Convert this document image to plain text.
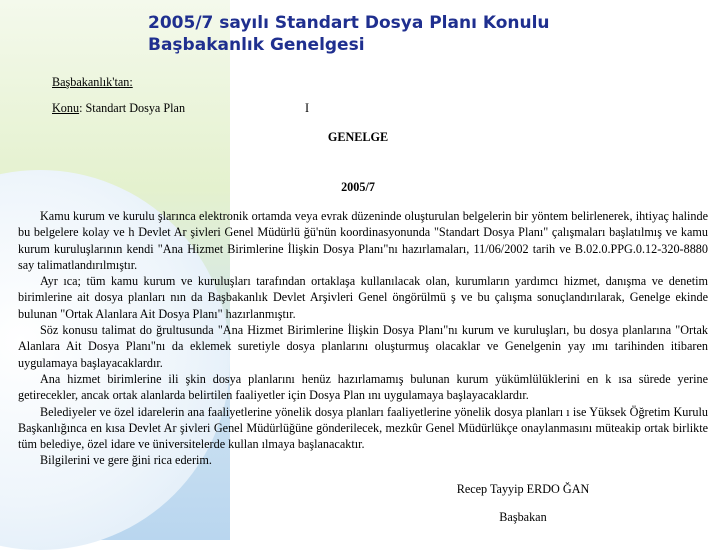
2005/7 sayılı Standart Dosya Planı Konulu
Başbakanlık Genelgesi

Başbakanlık'tan:

Konu: Standart Dosya Plan	I

GENELGE

2005/7

Kamu kurum ve kurulu şlarınca elektronik ortamda veya evrak düzeninde oluşturulan belgelerin bir yöntem belirlenerek, ihtiyaç halinde bu belgelere kolay ve h Devlet Ar şivleri Genel Müdürlü ğü'nün koordinasyonunda "Standart Dosya Planı" çalışmaları başlatılmış ve kamu kurum kuruluşlarının kendi "Ana Hizmet Birimlerine İlişkin Dosya Planı"nı hazırlamaları, 11/06/2002 tarih ve B.02.0.PPG.0.12-320-8880 say talimatlandırılmıştır.

Ayr ıca; tüm kamu kurum ve kuruluşları tarafından ortaklaşa kullanılacak olan, kurumların yardımcı hizmet, danışma ve denetim birimlerine ait dosya planları nın da Başbakanlık Devlet Arşivleri Genel öngörülmü ş ve bu çalışma sonuçlandırılarak, Genelge ekinde bulunan "Ortak Alanlara Ait Dosya Planı" hazırlanmıştır.

Söz konusu talimat do ğrultusunda "Ana Hizmet Birimlerine İlişkin Dosya Planı"nı kurum ve kuruluşları, bu dosya planlarına "Ortak Alanlara Ait Dosya Planı"nı da eklemek suretiyle dosya planlarını oluşturmuş olacaklar ve Genelgenin yay ımı tarihinden itibaren uygulamaya başlayacaklardır.

Ana hizmet birimlerine ili şkin dosya planlarını henüz hazırlamamış bulunan kurum yükümlülüklerini en k ısa sürede yerine getirecekler, ancak ortak alanlarda belirtilen faaliyetler için Dosya Plan ını uygulamaya başlayacaklardır.

Belediyeler ve özel idarelerin ana faaliyetlerine yönelik dosya planları faaliyetlerine yönelik dosya planları ı ise Yüksek Öğretim Kurulu Başkanlığınca en kısa Devlet Ar şivleri Genel Müdürlüğüne gönderilecek, mezkûr Genel Müdürlükçe onaylanmasını müteakip ortak birlikte tüm belediye, özel idare ve üniversitelerde kullan ılmaya başlanacaktır.

Bilgilerini ve gere ğini rica ederim.

Recep Tayyip ERDO ĞAN

Başbakan
